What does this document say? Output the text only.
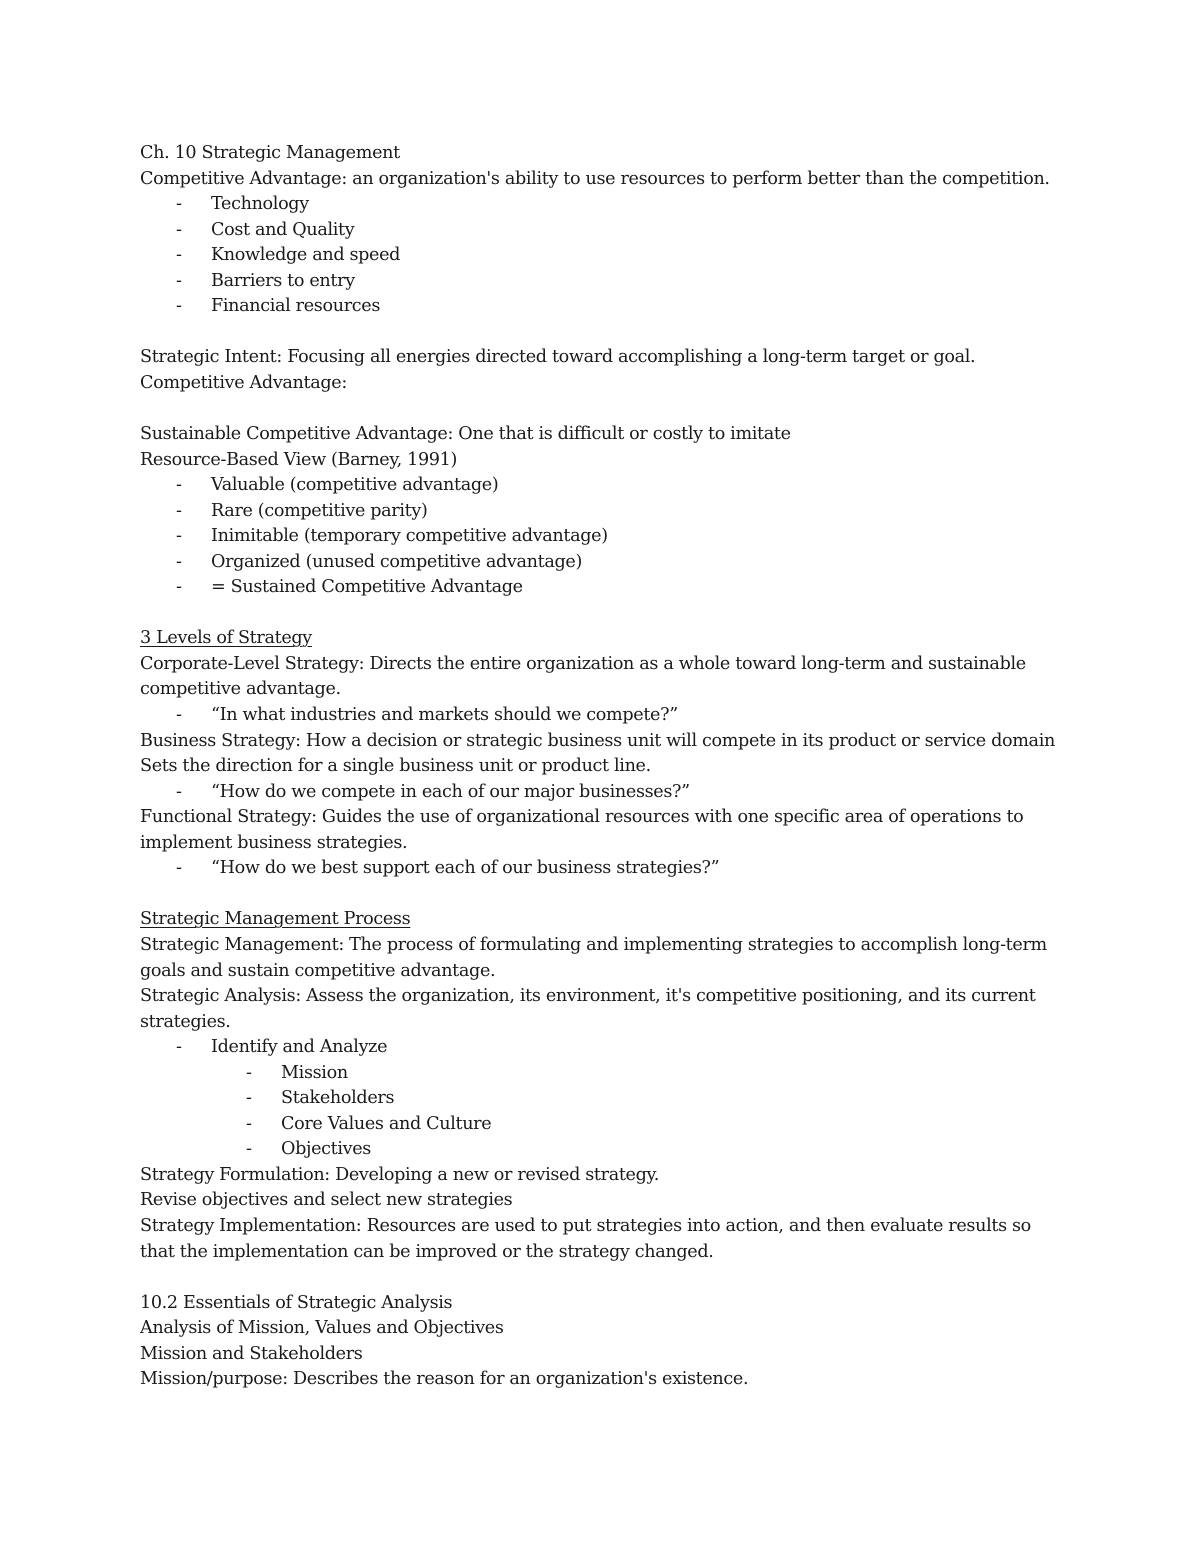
Ch. 10 Strategic Management
Competitive Advantage: an organization's ability to use resources to perform better than the competition.
- Technology
- Cost and Quality
- Knowledge and speed
- Barriers to entry
- Financial resources
Strategic Intent: Focusing all energies directed toward accomplishing a long-term target or goal.
Competitive Advantage:
Sustainable Competitive Advantage: One that is difficult or costly to imitate
Resource-Based View (Barney, 1991)
- Valuable (competitive advantage)
- Rare (competitive parity)
- Inimitable (temporary competitive advantage)
- Organized (unused competitive advantage)
- = Sustained Competitive Advantage
3 Levels of Strategy
Corporate-Level Strategy: Directs the entire organization as a whole toward long-term and sustainable competitive advantage.
- “In what industries and markets should we compete?”
Business Strategy: How a decision or strategic business unit will compete in its product or service domain
Sets the direction for a single business unit or product line.
- “How do we compete in each of our major businesses?”
Functional Strategy: Guides the use of organizational resources with one specific area of operations to implement business strategies.
- “How do we best support each of our business strategies?”
Strategic Management Process
Strategic Management: The process of formulating and implementing strategies to accomplish long-term goals and sustain competitive advantage.
Strategic Analysis: Assess the organization, its environment, it's competitive positioning, and its current strategies.
- Identify and Analyze
- Mission
- Stakeholders
- Core Values and Culture
- Objectives
Strategy Formulation: Developing a new or revised strategy.
Revise objectives and select new strategies
Strategy Implementation: Resources are used to put strategies into action, and then evaluate results so that the implementation can be improved or the strategy changed.
10.2 Essentials of Strategic Analysis
Analysis of Mission, Values and Objectives
Mission and Stakeholders
Mission/purpose: Describes the reason for an organization's existence.
